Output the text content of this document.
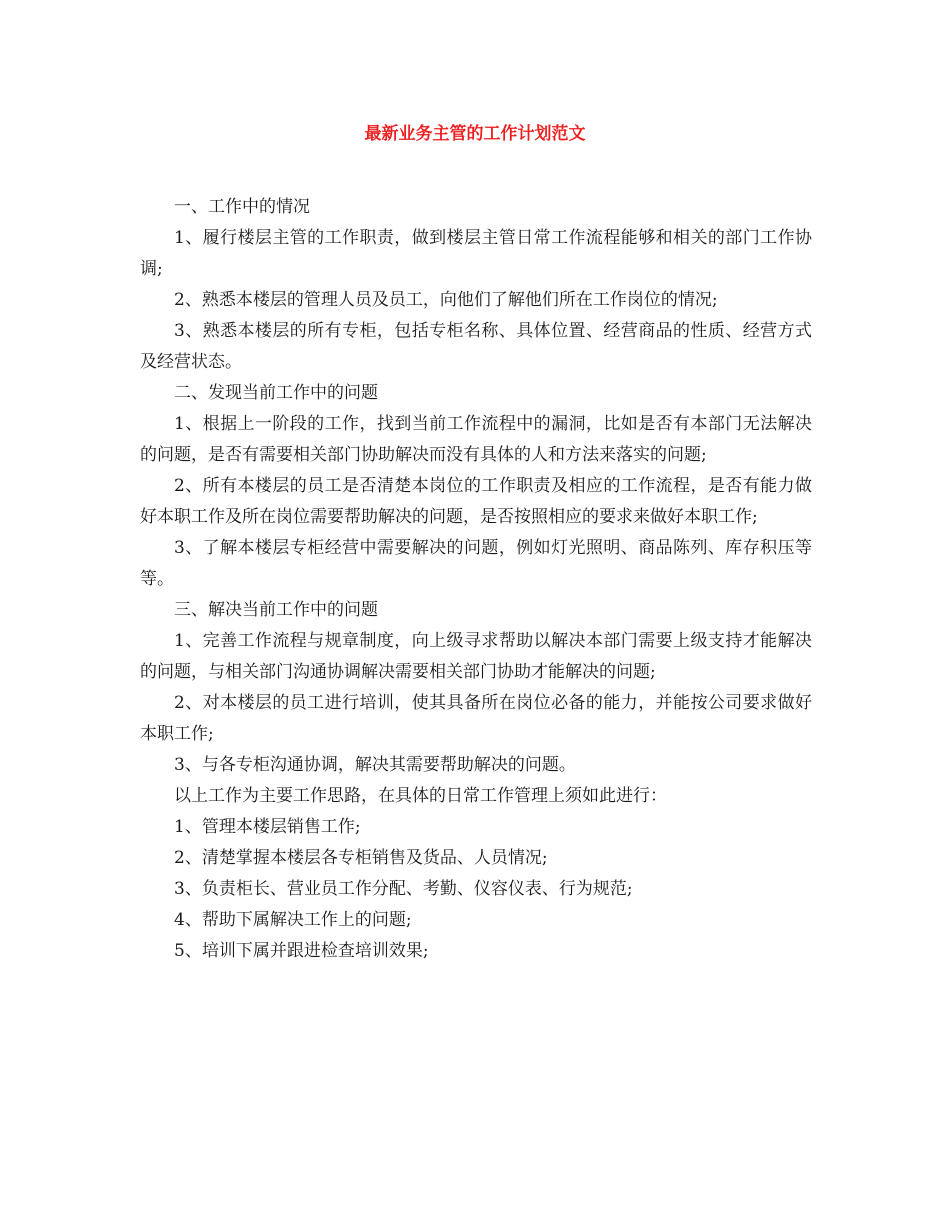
最新业务主管的工作计划范文

一、工作中的情况

1、履行楼层主管的工作职责，做到楼层主管日常工作流程能够和相关的部门工作协调;

2、熟悉本楼层的管理人员及员工，向他们了解他们所在工作岗位的情况;

3、熟悉本楼层的所有专柜，包括专柜名称、具体位置、经营商品的性质、经营方式及经营状态。

二、发现当前工作中的问题

1、根据上一阶段的工作，找到当前工作流程中的漏洞，比如是否有本部门无法解决的问题，是否有需要相关部门协助解决而没有具体的人和方法来落实的问题;

2、所有本楼层的员工是否清楚本岗位的工作职责及相应的工作流程，是否有能力做好本职工作及所在岗位需要帮助解决的问题，是否按照相应的要求来做好本职工作;

3、了解本楼层专柜经营中需要解决的问题，例如灯光照明、商品陈列、库存积压等等。

三、解决当前工作中的问题

1、完善工作流程与规章制度，向上级寻求帮助以解决本部门需要上级支持才能解决的问题，与相关部门沟通协调解决需要相关部门协助才能解决的问题;

2、对本楼层的员工进行培训，使其具备所在岗位必备的能力，并能按公司要求做好本职工作;

3、与各专柜沟通协调，解决其需要帮助解决的问题。

以上工作为主要工作思路，在具体的日常工作管理上须如此进行：

1、管理本楼层销售工作;

2、清楚掌握本楼层各专柜销售及货品、人员情况;

3、负责柜长、营业员工作分配、考勤、仪容仪表、行为规范;

4、帮助下属解决工作上的问题;

5、培训下属并跟进检查培训效果;
